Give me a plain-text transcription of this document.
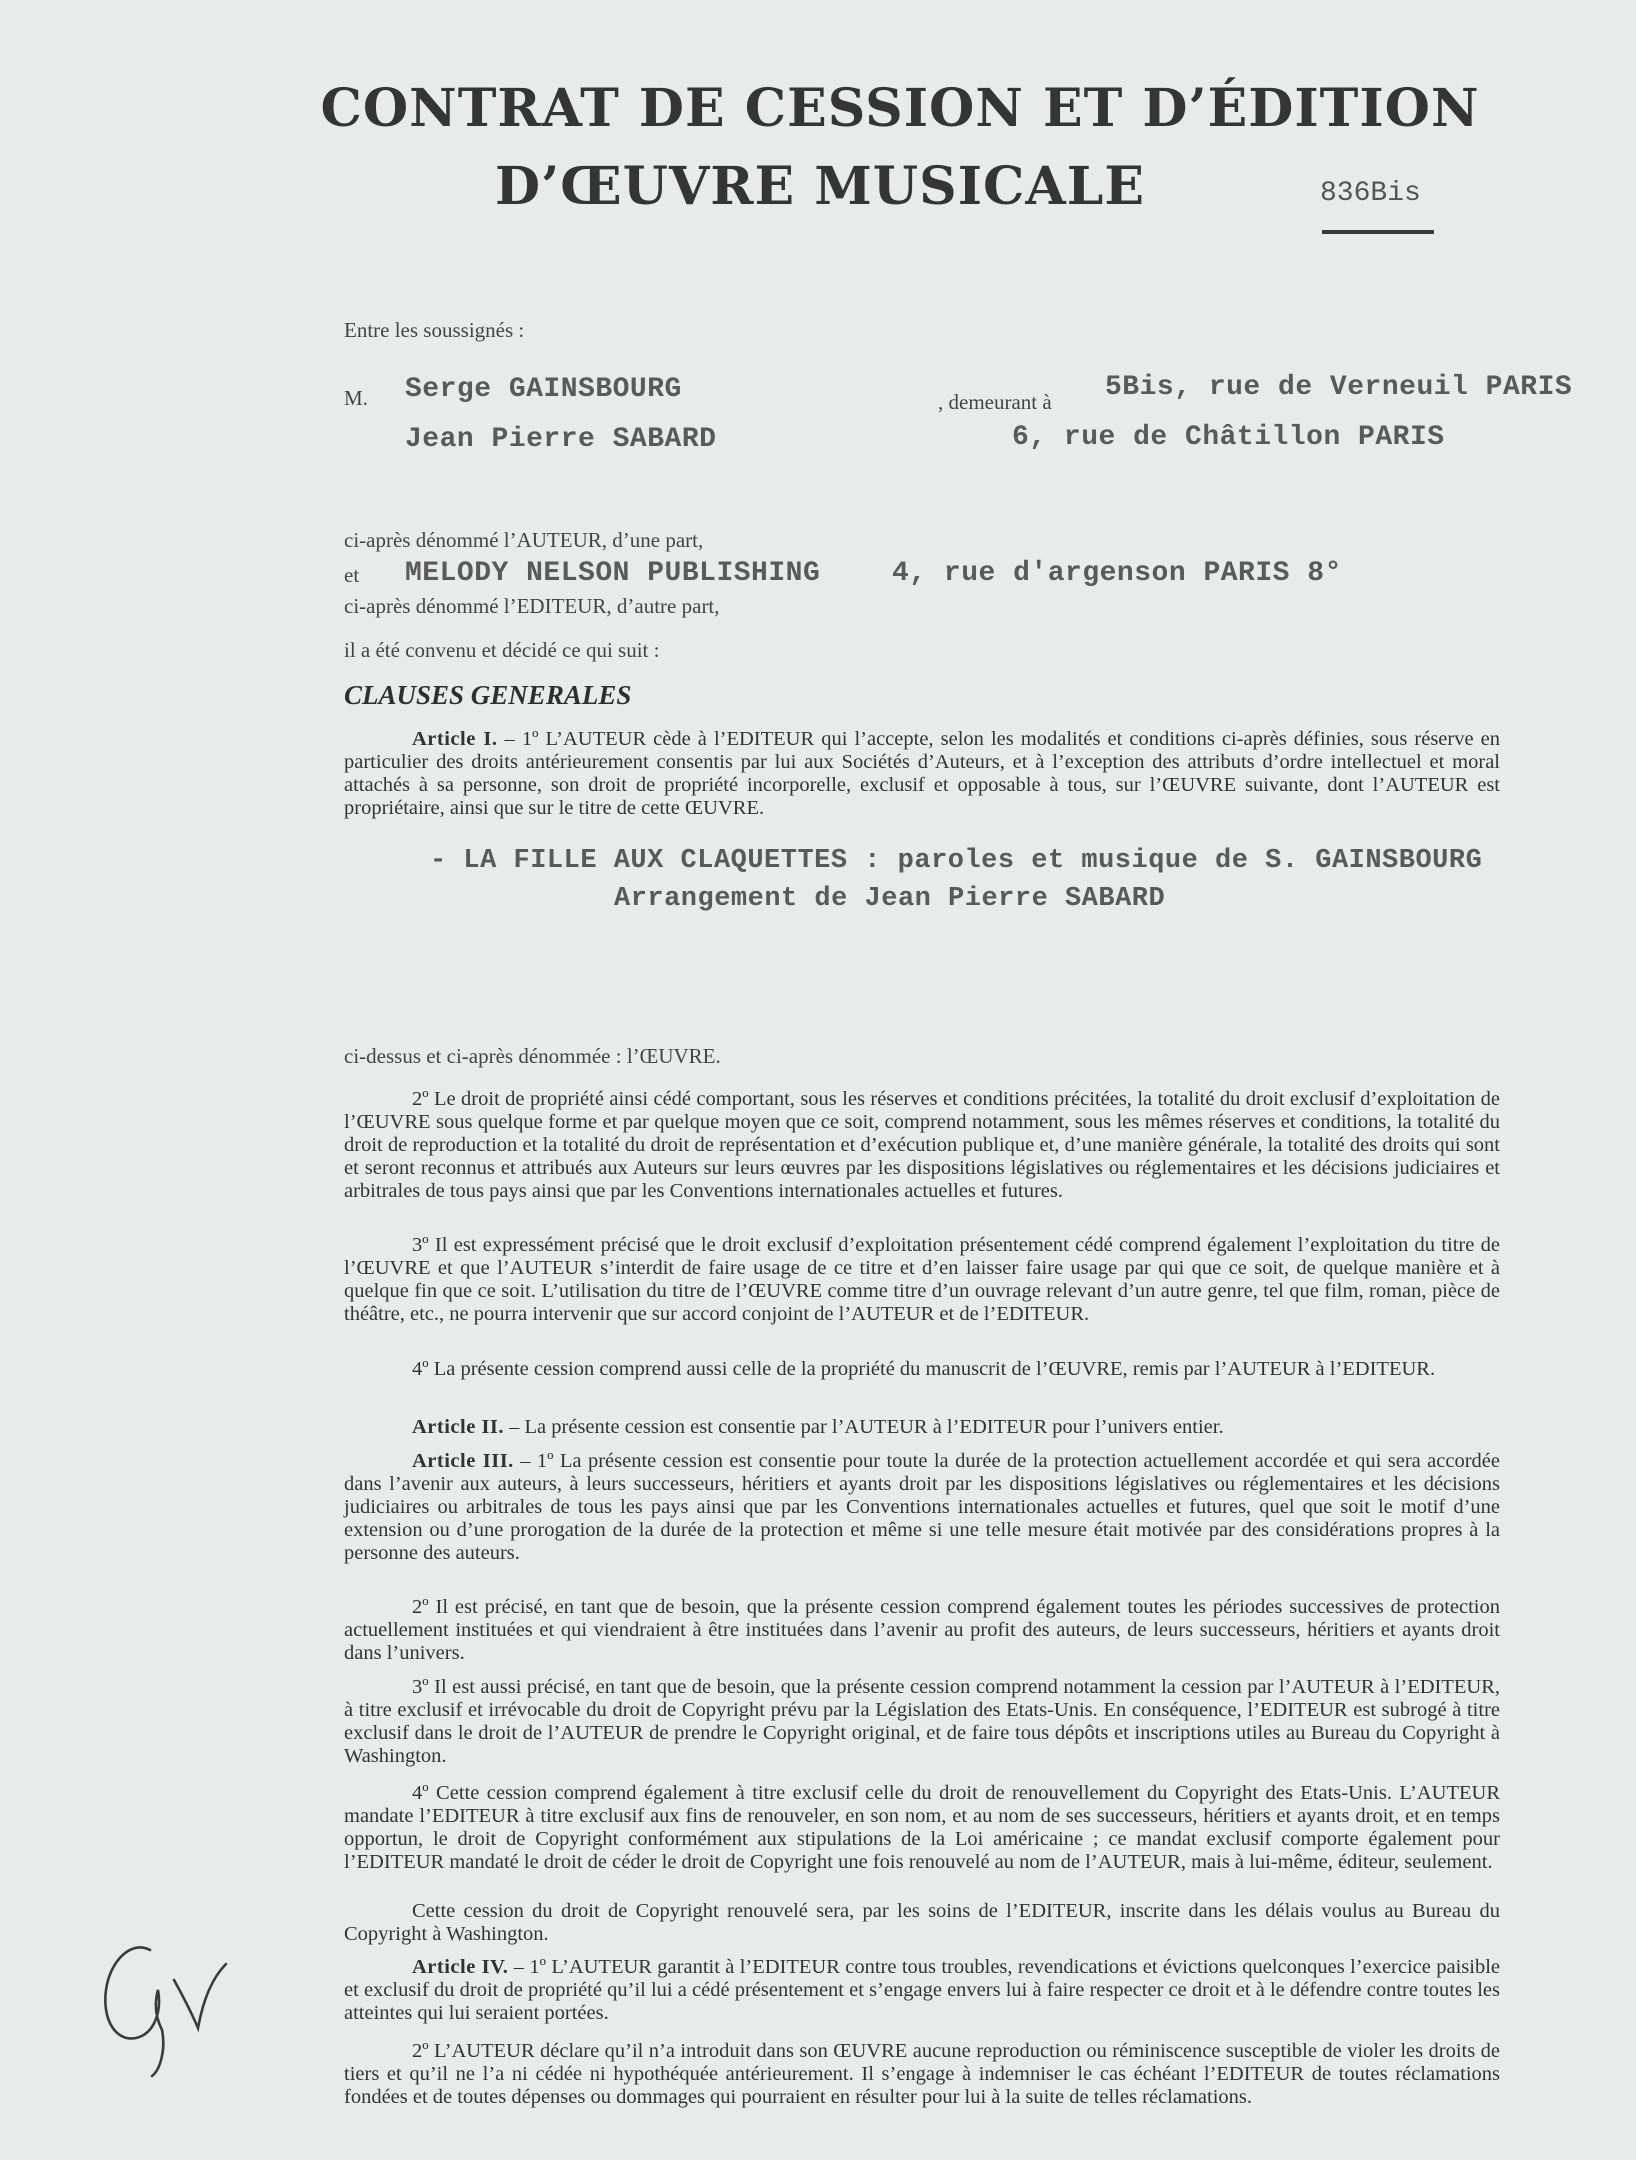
CONTRAT DE CESSION ET D’ÉDITION
D’ŒUVRE MUSICALE	836Bis
Entre les soussignés :
M. Serge GAINSBOURG
Jean Pierre SABARD
, demeurant à 5Bis, rue de Verneuil PARIS
6, rue de Châtillon PARIS
ci-après dénommé l’AUTEUR, d’une part,
et MELODY NELSON PUBLISHING	4, rue d'argenson PARIS 8°
ci-après dénommé l’EDITEUR, d’autre part,
il a été convenu et décidé ce qui suit :
CLAUSES GENERALES
Article I. – 1º L’AUTEUR cède à l’EDITEUR qui l’accepte, selon les modalités et conditions ci-après définies, sous réserve en particulier des droits antérieurement consentis par lui aux Sociétés d’Auteurs, et à l’exception des attributs d’ordre intellectuel et moral attachés à sa personne, son droit de propriété incorporelle, exclusif et opposable à tous, sur l’ŒUVRE suivante, dont l’AUTEUR est propriétaire, ainsi que sur le titre de cette ŒUVRE.
- LA FILLE AUX CLAQUETTES : paroles et musique de S. GAINSBOURG
Arrangement de Jean Pierre SABARD
ci-dessus et ci-après dénommée : l’ŒUVRE.
2º Le droit de propriété ainsi cédé comportant, sous les réserves et conditions précitées, la totalité du droit exclusif d’exploitation de l’ŒUVRE sous quelque forme et par quelque moyen que ce soit, comprend notamment, sous les mêmes réserves et conditions, la totalité du droit de reproduction et la totalité du droit de représentation et d’exécution publique et, d’une manière générale, la totalité des droits qui sont et seront reconnus et attribués aux Auteurs sur leurs œuvres par les dispositions législatives ou réglementaires et les décisions judiciaires et arbitrales de tous pays ainsi que par les Conventions internationales actuelles et futures.
3º Il est expressément précisé que le droit exclusif d’exploitation présentement cédé comprend également l’exploitation du titre de l’ŒUVRE et que l’AUTEUR s’interdit de faire usage de ce titre et d’en laisser faire usage par qui que ce soit, de quelque manière et à quelque fin que ce soit. L’utilisation du titre de l’ŒUVRE comme titre d’un ouvrage relevant d’un autre genre, tel que film, roman, pièce de théâtre, etc., ne pourra intervenir que sur accord conjoint de l’AUTEUR et de l’EDITEUR.
4º La présente cession comprend aussi celle de la propriété du manuscrit de l’ŒUVRE, remis par l’AUTEUR à l’EDITEUR.
Article II. – La présente cession est consentie par l’AUTEUR à l’EDITEUR pour l’univers entier.
Article III. – 1º La présente cession est consentie pour toute la durée de la protection actuellement accordée et qui sera accordée dans l’avenir aux auteurs, à leurs successeurs, héritiers et ayants droit par les dispositions législatives ou réglementaires et les décisions judiciaires ou arbitrales de tous les pays ainsi que par les Conventions internationales actuelles et futures, quel que soit le motif d’une extension ou d’une prorogation de la durée de la protection et même si une telle mesure était motivée par des considérations propres à la personne des auteurs.
2º Il est précisé, en tant que de besoin, que la présente cession comprend également toutes les périodes successives de protection actuellement instituées et qui viendraient à être instituées dans l’avenir au profit des auteurs, de leurs successeurs, héritiers et ayants droit dans l’univers.
3º Il est aussi précisé, en tant que de besoin, que la présente cession comprend notamment la cession par l’AUTEUR à l’EDITEUR, à titre exclusif et irrévocable du droit de Copyright prévu par la Législation des Etats-Unis. En conséquence, l’EDITEUR est subrogé à titre exclusif dans le droit de l’AUTEUR de prendre le Copyright original, et de faire tous dépôts et inscriptions utiles au Bureau du Copyright à Washington.
4º Cette cession comprend également à titre exclusif celle du droit de renouvellement du Copyright des Etats-Unis. L’AUTEUR mandate l’EDITEUR à titre exclusif aux fins de renouveler, en son nom, et au nom de ses successeurs, héritiers et ayants droit, et en temps opportun, le droit de Copyright conformément aux stipulations de la Loi américaine ; ce mandat exclusif comporte également pour l’EDITEUR mandaté le droit de céder le droit de Copyright une fois renouvelé au nom de l’AUTEUR, mais à lui-même, éditeur, seulement.
Cette cession du droit de Copyright renouvelé sera, par les soins de l’EDITEUR, inscrite dans les délais voulus au Bureau du Copyright à Washington.
Article IV. – 1º L’AUTEUR garantit à l’EDITEUR contre tous troubles, revendications et évictions quelconques l’exercice paisible et exclusif du droit de propriété qu’il lui a cédé présentement et s’engage envers lui à faire respecter ce droit et à le défendre contre toutes les atteintes qui lui seraient portées.
2º L’AUTEUR déclare qu’il n’a introduit dans son ŒUVRE aucune reproduction ou réminiscence susceptible de violer les droits de tiers et qu’il ne l’a ni cédée ni hypothéquée antérieurement. Il s’engage à indemniser le cas échéant l’EDITEUR de toutes réclamations fondées et de toutes dépenses ou dommages qui pourraient en résulter pour lui à la suite de telles réclamations.
